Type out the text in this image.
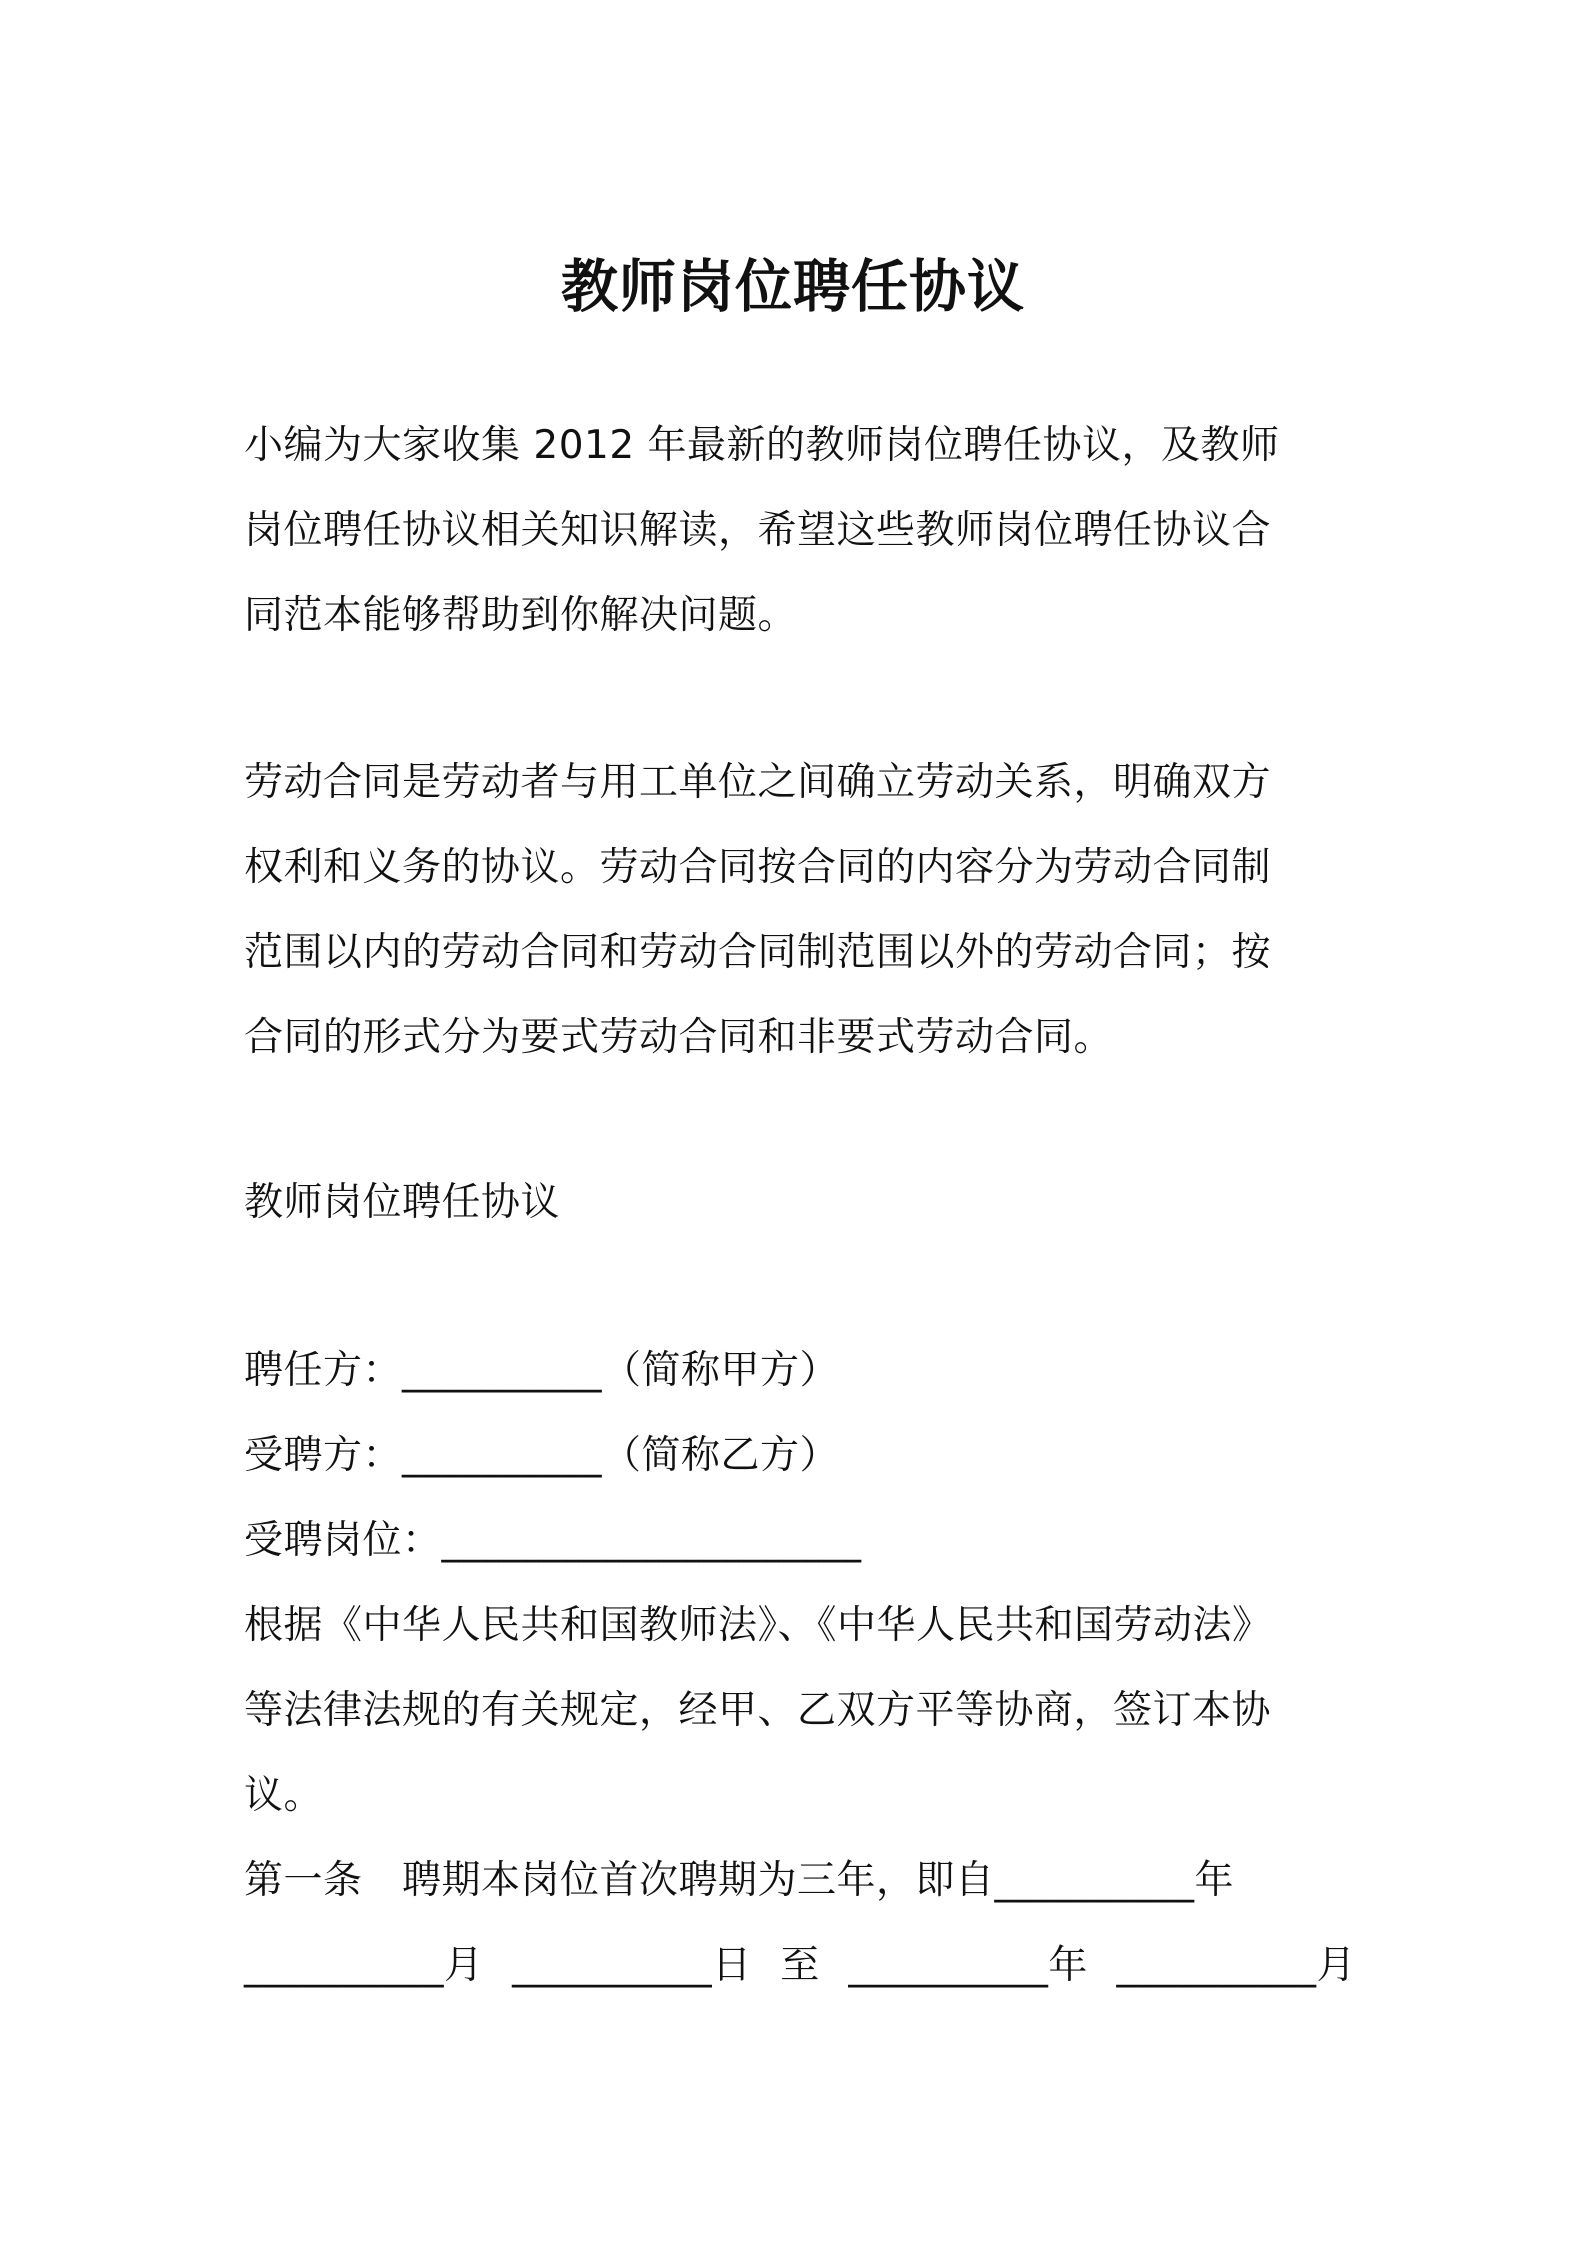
教师岗位聘任协议
小编为大家收集 2012 年最新的教师岗位聘任协议，及教师
岗位聘任协议相关知识解读，希望这些教师岗位聘任协议合
同范本能够帮助到你解决问题。
劳动合同是劳动者与用工单位之间确立劳动关系，明确双方
权利和义务的协议。劳动合同按合同的内容分为劳动合同制
范围以内的劳动合同和劳动合同制范围以外的劳动合同；按
合同的形式分为要式劳动合同和非要式劳动合同。
教师岗位聘任协议
聘任方：__________（简称甲方）
受聘方：__________（简称乙方）
受聘岗位：_____________________
根据《中华人民共和国教师法》、《中华人民共和国劳动法》
等法律法规的有关规定，经甲、乙双方平等协商，签订本协
议。
第一条　聘期本岗位首次聘期为三年，即自__________年
__________月 __________日 至 __________年 __________月
